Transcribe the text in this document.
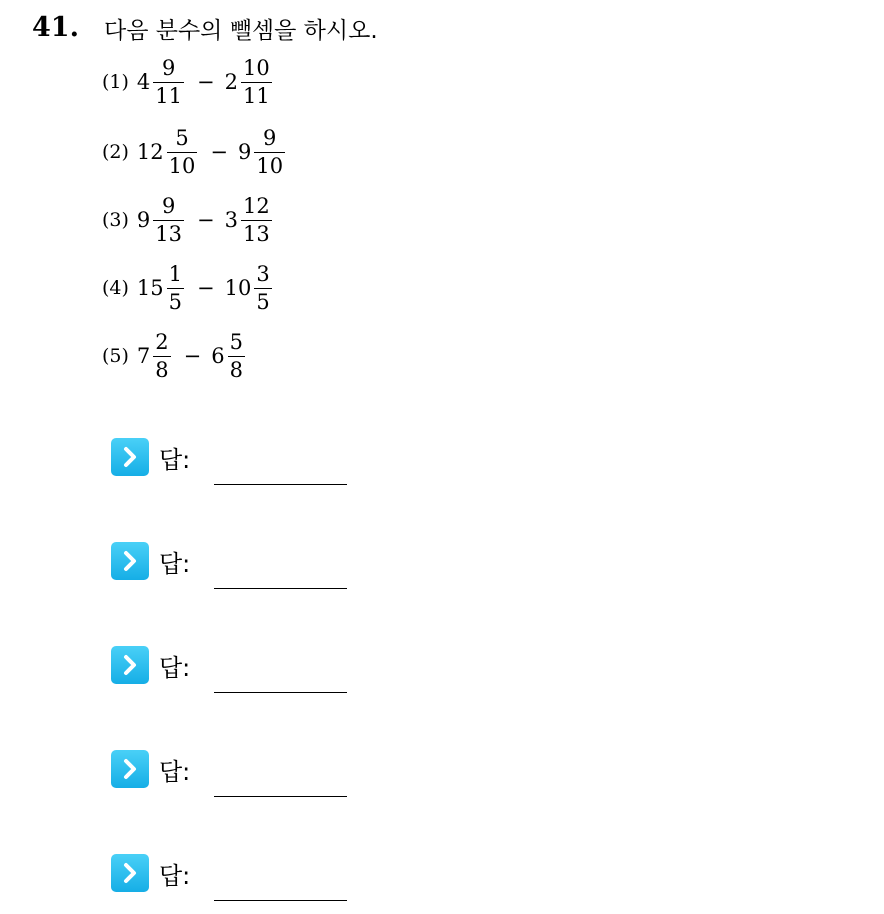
41. 다음 분수의 뺄셈을 하시오.
(1) $4 \frac{9}{11} - 2 \frac{10}{11}$
(2) $12 \frac{5}{10} - 9 \frac{9}{10}$
(3) $9 \frac{9}{13} - 3 \frac{12}{13}$
(4) $15 \frac{1}{5} - 10 \frac{3}{5}$
(5) $7 \frac{2}{8} - 6 \frac{5}{8}$
답:
답:
답:
답:
답:
